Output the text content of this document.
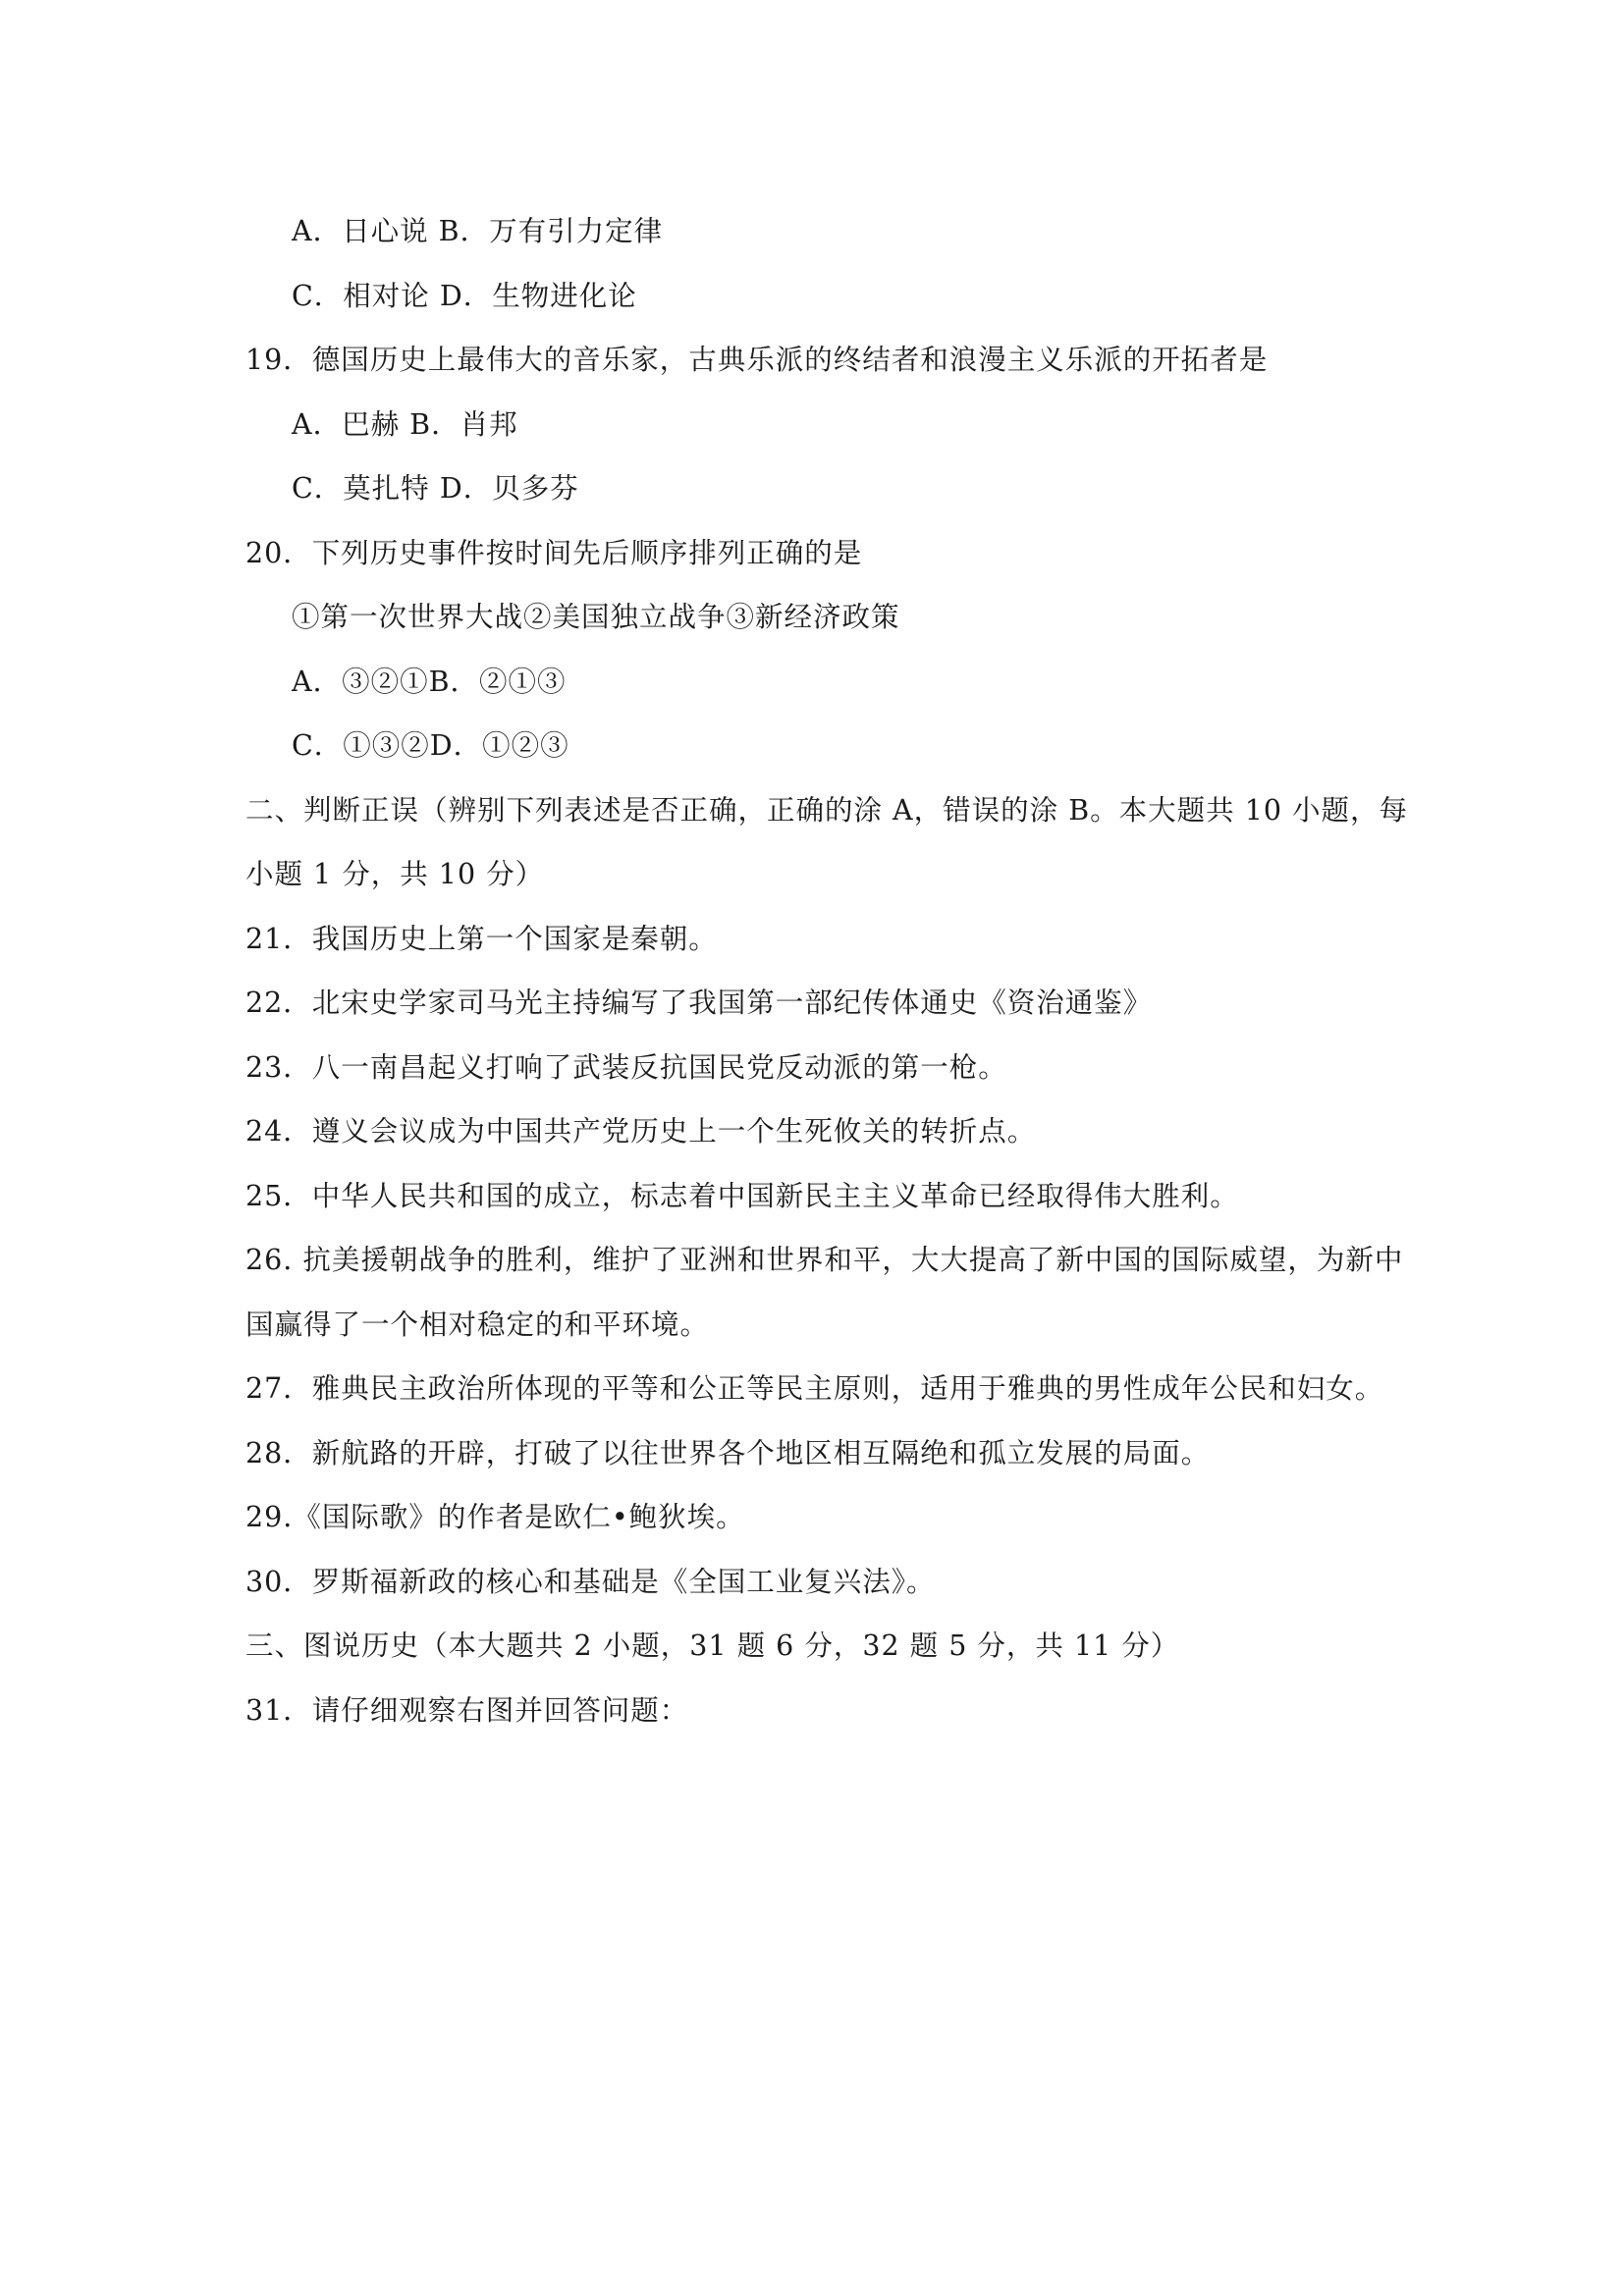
A．日心说 B．万有引力定律
C．相对论 D．生物进化论
19．德国历史上最伟大的音乐家，古典乐派的终结者和浪漫主义乐派的开拓者是
A．巴赫 B．肖邦
C．莫扎特 D．贝多芬
20．下列历史事件按时间先后顺序排列正确的是
①第一次世界大战②美国独立战争③新经济政策
A．③②①B．②①③
C．①③②D．①②③
二、判断正误（辨别下列表述是否正确，正确的涂 A，错误的涂 B。本大题共 10 小题，每
小题 1 分，共 10 分）
21．我国历史上第一个国家是秦朝。
22．北宋史学家司马光主持编写了我国第一部纪传体通史《资治通鉴》
23．八一南昌起义打响了武装反抗国民党反动派的第一枪。
24．遵义会议成为中国共产党历史上一个生死攸关的转折点。
25．中华人民共和国的成立，标志着中国新民主主义革命已经取得伟大胜利。
26. 抗美援朝战争的胜利，维护了亚洲和世界和平，大大提高了新中国的国际威望，为新中
国赢得了一个相对稳定的和平环境。
27．雅典民主政治所体现的平等和公正等民主原则，适用于雅典的男性成年公民和妇女。
28．新航路的开辟，打破了以往世界各个地区相互隔绝和孤立发展的局面。
29.《国际歌》的作者是欧仁•鲍狄埃。
30．罗斯福新政的核心和基础是《全国工业复兴法》。
三、图说历史（本大题共 2 小题，31 题 6 分，32 题 5 分，共 11 分）
31．请仔细观察右图并回答问题：
